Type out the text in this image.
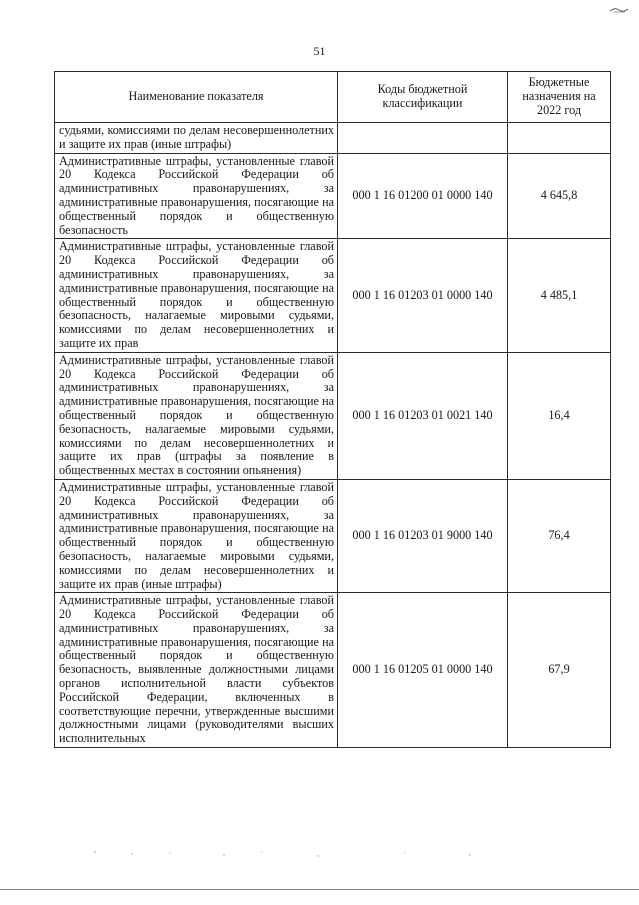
51
Наименование показателя	Коды бюджетной классификации	Бюджетные назначения на 2022 год
судьями, комиссиями по делам несовершеннолетних и защите их прав (иные штрафы)		
Административные штрафы, установленные главой 20 Кодекса Российской Федерации об административных правонарушениях, за административные правонарушения, посягающие на общественный порядок и общественную безопасность	000 1 16 01200 01 0000 140	4 645,8
Административные штрафы, установленные главой 20 Кодекса Российской Федерации об административных правонарушениях, за административные правонарушения, посягающие на общественный порядок и общественную безопасность, налагаемые мировыми судьями, комиссиями по делам несовершеннолетних и защите их прав	000 1 16 01203 01 0000 140	4 485,1
Административные штрафы, установленные главой 20 Кодекса Российской Федерации об административных правонарушениях, за административные правонарушения, посягающие на общественный порядок и общественную безопасность, налагаемые мировыми судьями, комиссиями по делам несовершеннолетних и защите их прав (штрафы за появление в общественных местах в состоянии опьянения)	000 1 16 01203 01 0021 140	16,4
Административные штрафы, установленные главой 20 Кодекса Российской Федерации об административных правонарушениях, за административные правонарушения, посягающие на общественный порядок и общественную безопасность, налагаемые мировыми судьями, комиссиями по делам несовершеннолетних и защите их прав (иные штрафы)	000 1 16 01203 01 9000 140	76,4
Административные штрафы, установленные главой 20 Кодекса Российской Федерации об административных правонарушениях, за административные правонарушения, посягающие на общественный порядок и общественную безопасность, выявленные должностными лицами органов исполнительной власти субъектов Российской Федерации, включенных в соответствующие перечни, утвержденные высшими должностными лицами (руководителями высших исполнительных	000 1 16 01205 01 0000 140	67,9
